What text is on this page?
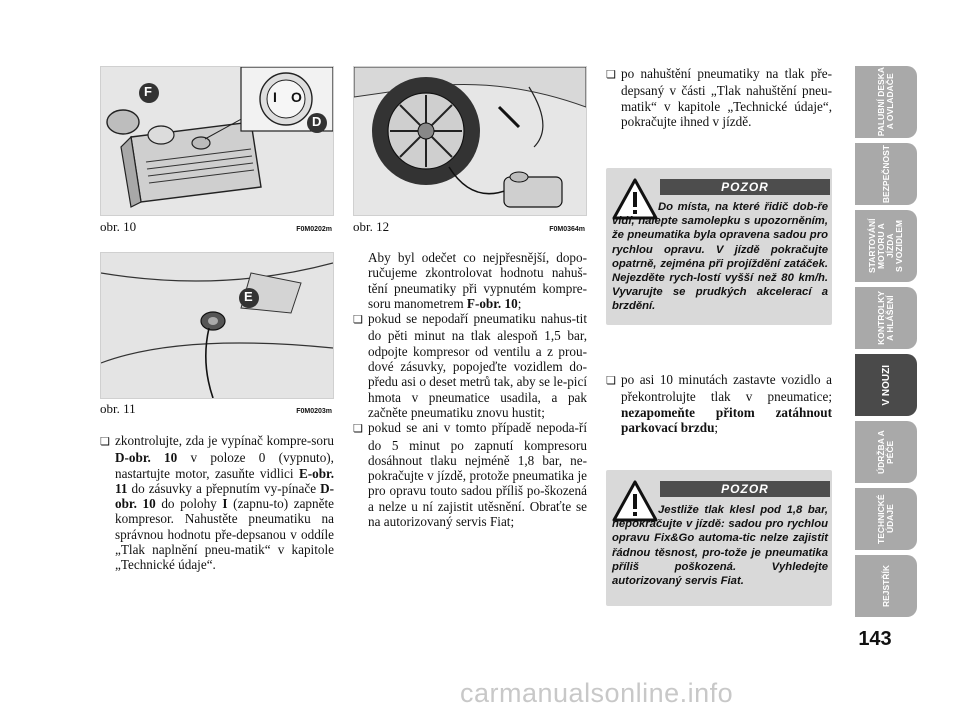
F
D
I O
obr. 10	F0M0202m
E
obr. 11	F0M0203m
obr. 12	F0M0364m

❏ zkontrolujte, zda je vypínač kompre-soru D-obr. 10 v poloze 0 (vypnuto), nastartujte motor, zasuňte vidlici E-obr. 11 do zásuvky a přepnutím vy-pínače D-obr. 10 do polohy I (zapnu-to) zapněte kompresor. Nahustěte pneumatiku na správnou hodnotu pře-depsanou v oddíle „Tlak naplnění pneu-matik“ v kapitole „Technické údaje“.

Aby byl odečet co nejpřesnější, dopo-ručujeme zkontrolovat hodnotu nahuš-tění pneumatiky při vypnutém kompre-soru manometrem F-obr. 10;

❏ pokud se nepodaří pneumatiku nahus-tit do pěti minut na tlak alespoň 1,5 bar, odpojte kompresor od ventilu a z prou-dové zásuvky, popojeďte vozidlem do-předu asi o deset metrů tak, aby se le-picí hmota v pneumatice usadila, a pak začněte pneumatiku znovu hustit;

❏ pokud se ani v tomto případě nepoda-ří do 5 minut po zapnutí kompresoru dosáhnout tlaku nejméně 1,8 bar, ne-pokračujte v jízdě, protože pneumatika je pro opravu touto sadou příliš po-škozená a nelze u ní zajistit utěsnění. Obraťte se na autorizovaný servis Fiat;

❏ po nahuštění pneumatiky na tlak pře-depsaný v části „Tlak nahuštění pneu-matik“ v kapitole „Technické údaje“, pokračujte ihned v jízdě.

POZOR
Do místa, na které řidič dob-ře vidí, nalepte samolepku s upozorněním, že pneumatika byla opravena sadou pro rychlou opravu. V jízdě pokračujte opatrně, zejména při projíždění zatáček. Nejezděte rych-lostí vyšší než 80 km/h. Vyvarujte se prudkých akcelerací a brzdění.

❏ po asi 10 minutách zastavte vozidlo a překontrolujte tlak v pneumatice; nezapomeňte přitom zatáhnout parkovací brzdu;

POZOR
Jestliže tlak klesl pod 1,8 bar, nepokračujte v jízdě: sadou pro rychlou opravu Fix&Go automa-tic nelze zajistit řádnou těsnost, pro-tože je pneumatika příliš poškozená. Vyhledejte autorizovaný servis Fiat.
PALUBNÍ DESKA
A OVLADAČE
BEZPEČNOST
STARTOVÁNÍ
MOTORU A JÍZDA
S VOZIDLEM
KONTROLKY
A HLÁŠENÍ
V NOUZI
ÚDRŽBA A PÉČE
TECHNICKÉ ÚDAJE
REJSTŘÍK
143
carmanualsonline.info
